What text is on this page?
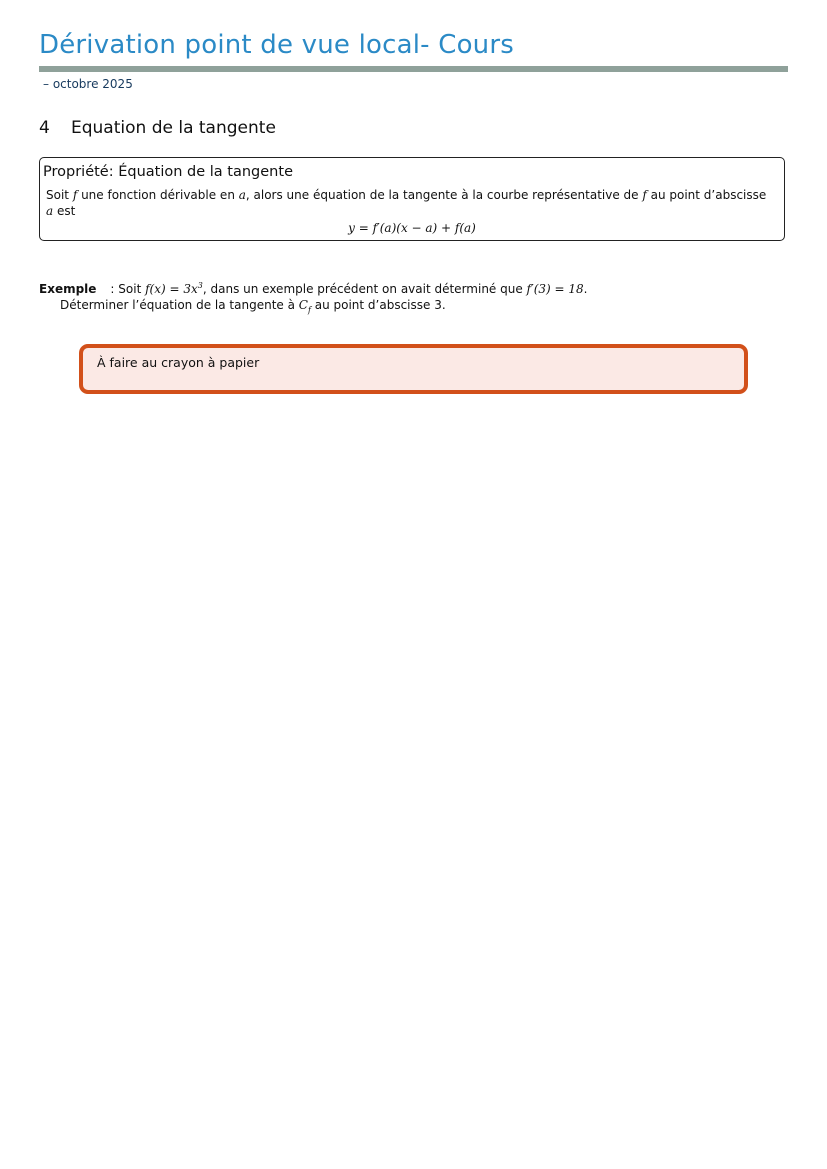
Dérivation point de vue local- Cours
– octobre 2025
4 Equation de la tangente
Propriété: Équation de la tangente
Soit f une fonction dérivable en a, alors une équation de la tangente à la courbe représentative de f au point d’abscisse
a est
y = f′(a)(x − a) + f(a)
Exemple : Soit $f(x) = 3x^3$, dans un exemple précédent on avait déterminé que f′(3) = 18.
Déterminer l’équation de la tangente à $C_f$ au point d’abscisse 3.
À faire au crayon à papier
